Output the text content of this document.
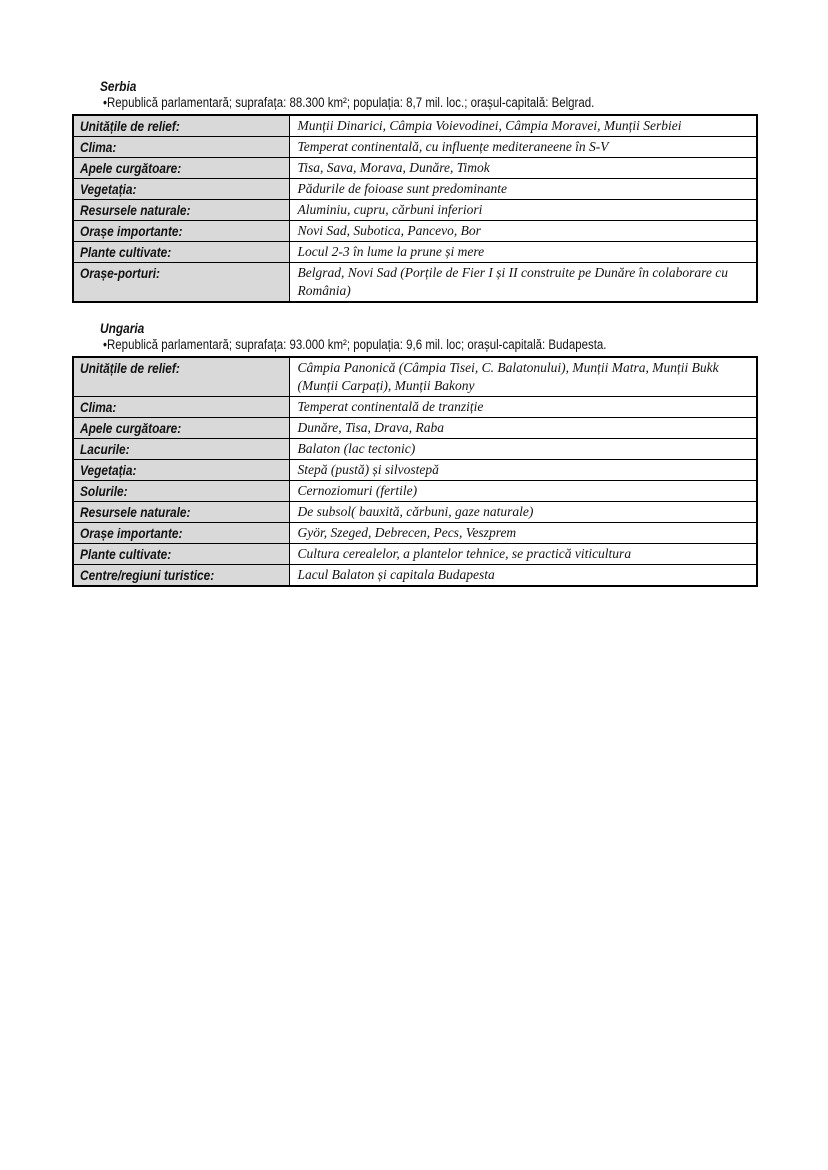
Serbia

•Republică parlamentară; suprafața: 88.300 km²; populația: 8,7 mil. loc.; orașul-capitală: Belgrad.

Unitățile de relief:	Munții Dinarici, Câmpia Voievodinei, Câmpia Moravei, Munții Serbiei
Clima:	Temperat continentală, cu influențe mediteraneene în S-V
Apele curgătoare:	Tisa, Sava, Morava, Dunăre, Timok
Vegetația:	Pădurile de foioase sunt predominante
Resursele naturale:	Aluminiu, cupru, cărbuni inferiori
Orașe importante:	Novi Sad, Subotica, Pancevo, Bor
Plante cultivate:	Locul 2-3 în lume la prune și mere
Orașe-porturi:	Belgrad, Novi Sad (Porțile de Fier I și II construite pe Dunăre în colaborare cu România)
Ungaria

•Republică parlamentară; suprafața: 93.000 km²; populația: 9,6 mil. loc; orașul-capitală: Budapesta.

Unitățile de relief:	Câmpia Panonică (Câmpia Tisei, C. Balatonului), Munții Matra, Munții Bukk (Munții Carpați), Munții Bakony
Clima:	Temperat continentală de tranziție
Apele curgătoare:	Dunăre, Tisa, Drava, Raba
Lacurile:	Balaton (lac tectonic)
Vegetația:	Stepă (pustă) și silvostepă
Solurile:	Cernoziomuri (fertile)
Resursele naturale:	De subsol( bauxită, cărbuni, gaze naturale)
Orașe importante:	Györ, Szeged, Debrecen, Pecs, Veszprem
Plante cultivate:	Cultura cerealelor, a plantelor tehnice, se practică viticultura
Centre/regiuni turistice:	Lacul Balaton și capitala Budapesta
